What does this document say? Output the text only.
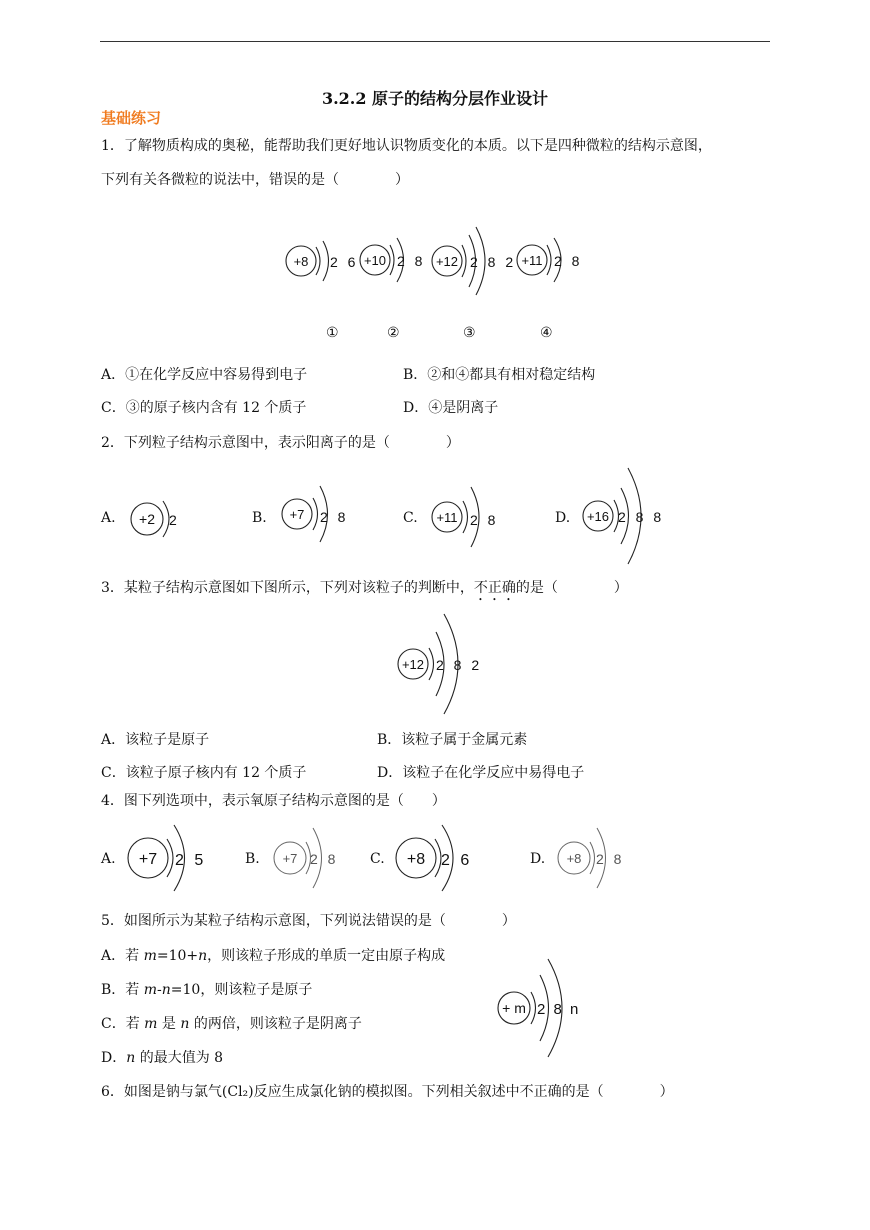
3.2.2 原子的结构分层作业设计
基础练习
1．了解物质构成的奥秘，能帮助我们更好地认识物质变化的本质。以下是四种微粒的结构示意图，
下列有关各微粒的说法中，错误的是（　　　　）
+8 2 6 +10 2 8 +12 2 8 2 +11 2 8
①	②	③	④
A．①在化学反应中容易得到电子	B．②和④都具有相对稳定结构
C．③的原子核内含有 12 个质子	D．④是阴离子
2．下列粒子结构示意图中，表示阳离子的是（　　　　）
A. +2 2	B. +7 2 8	C. +11 2 8	D. +16 2 8 8
3．某粒子结构示意图如下图所示，下列对该粒子的判断中，不正确的是（　　　　）
+12 2 8 2
A．该粒子是原子	B．该粒子属于金属元素
C．该粒子原子核内有 12 个质子	D．该粒子在化学反应中易得电子
4．图下列选项中，表示氧原子结构示意图的是（　　）
A. +7 2 5	B. +7 2 8 C. +8 2 6	D. +8 2 8
5．如图所示为某粒子结构示意图，下列说法错误的是（　　　　）
A．若 m=10+n，则该粒子形成的单质一定由原子构成
B．若 m-n=10，则该粒子是原子
C．若 m 是 n 的两倍，则该粒子是阴离子
D．n 的最大值为 8
+ m 2 8 n
6．如图是钠与氯气(Cl₂)反应生成氯化钠的模拟图。下列相关叙述中不正确的是（　　　　）
